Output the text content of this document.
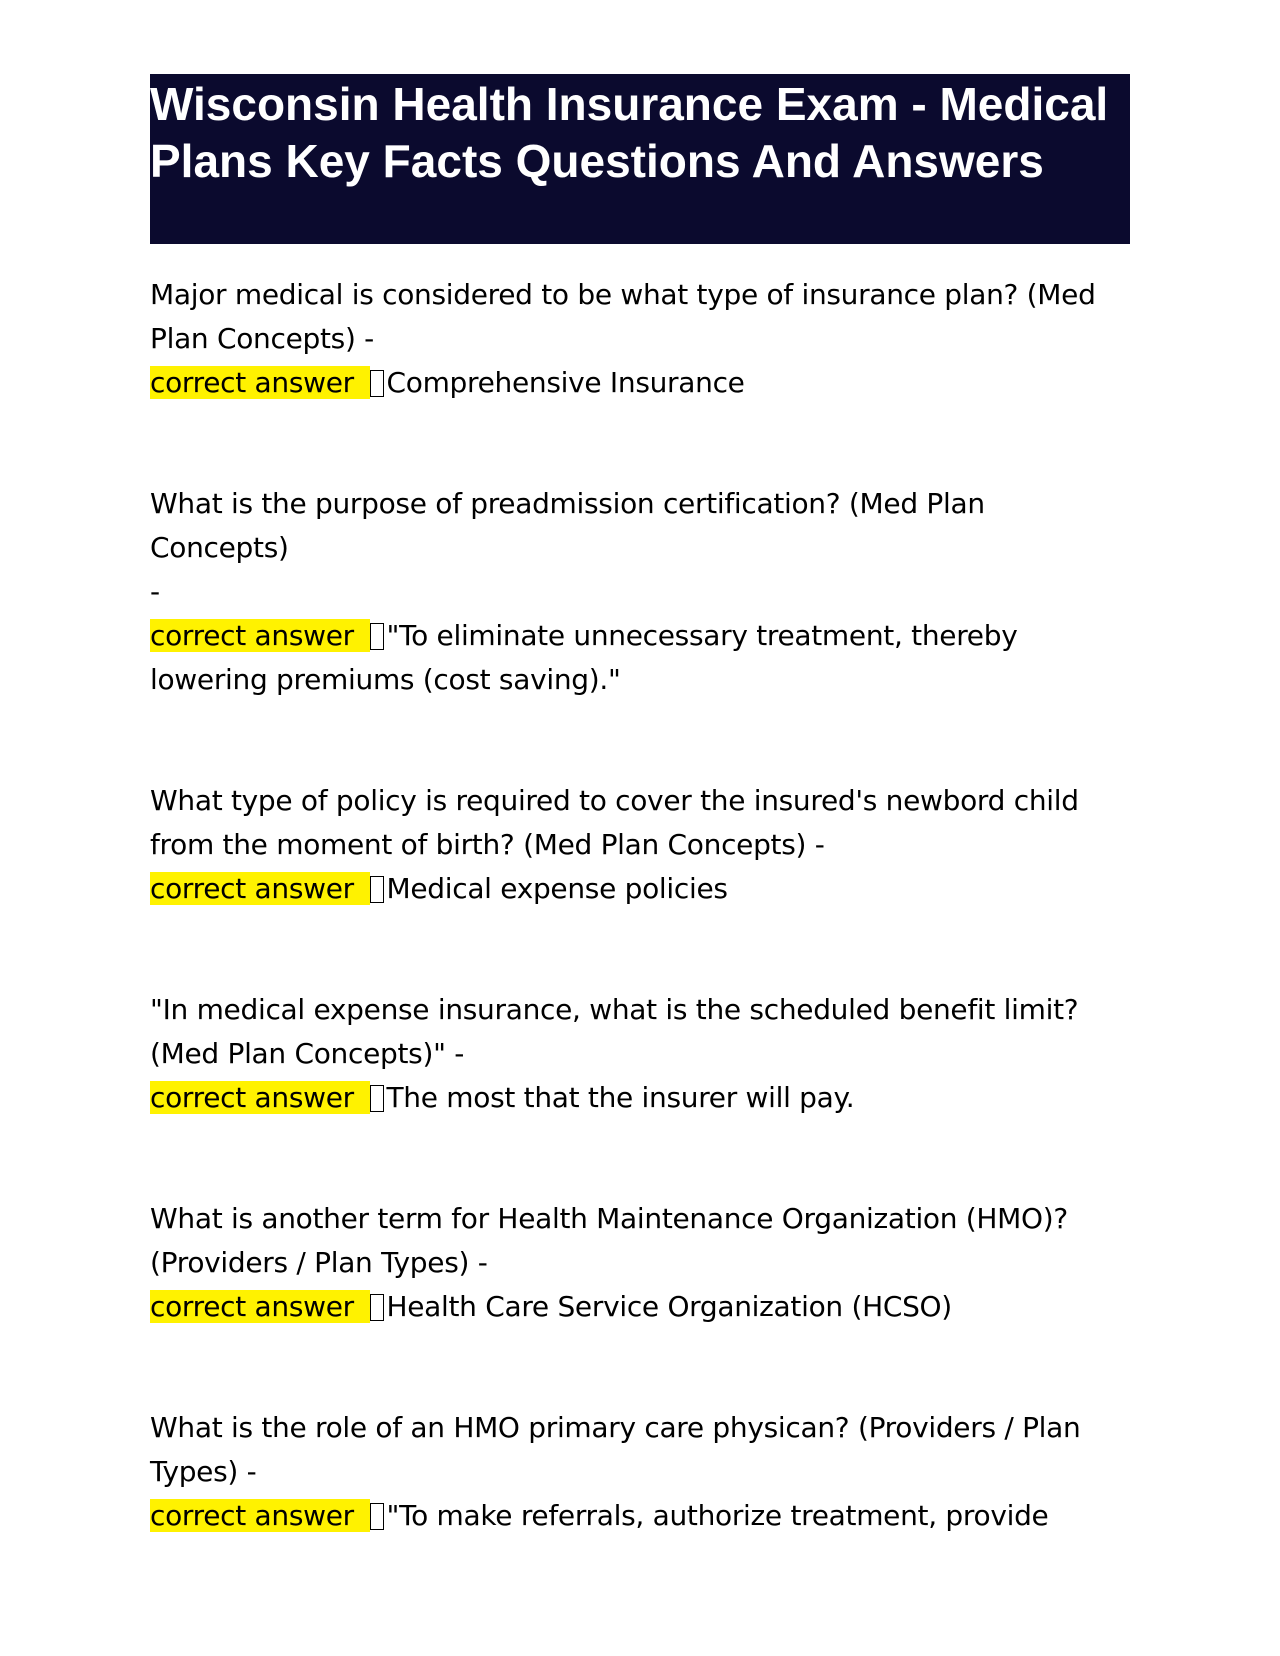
Wisconsin Health Insurance Exam - Medical Plans Key Facts Questions And Answers
Major medical is considered to be what type of insurance plan? (Med Plan Concepts) -
correct answer Comprehensive Insurance
What is the purpose of preadmission certification? (Med Plan Concepts)
-
correct answer "To eliminate unnecessary treatment, thereby lowering premiums (cost saving)."
What type of policy is required to cover the insured's newbord child from the moment of birth? (Med Plan Concepts) -
correct answer Medical expense policies
"In medical expense insurance, what is the scheduled benefit limit? (Med Plan Concepts)" -
correct answer The most that the insurer will pay.
What is another term for Health Maintenance Organization (HMO)? (Providers / Plan Types) -
correct answer Health Care Service Organization (HCSO)
What is the role of an HMO primary care physican? (Providers / Plan Types) -
correct answer "To make referrals, authorize treatment, provide
